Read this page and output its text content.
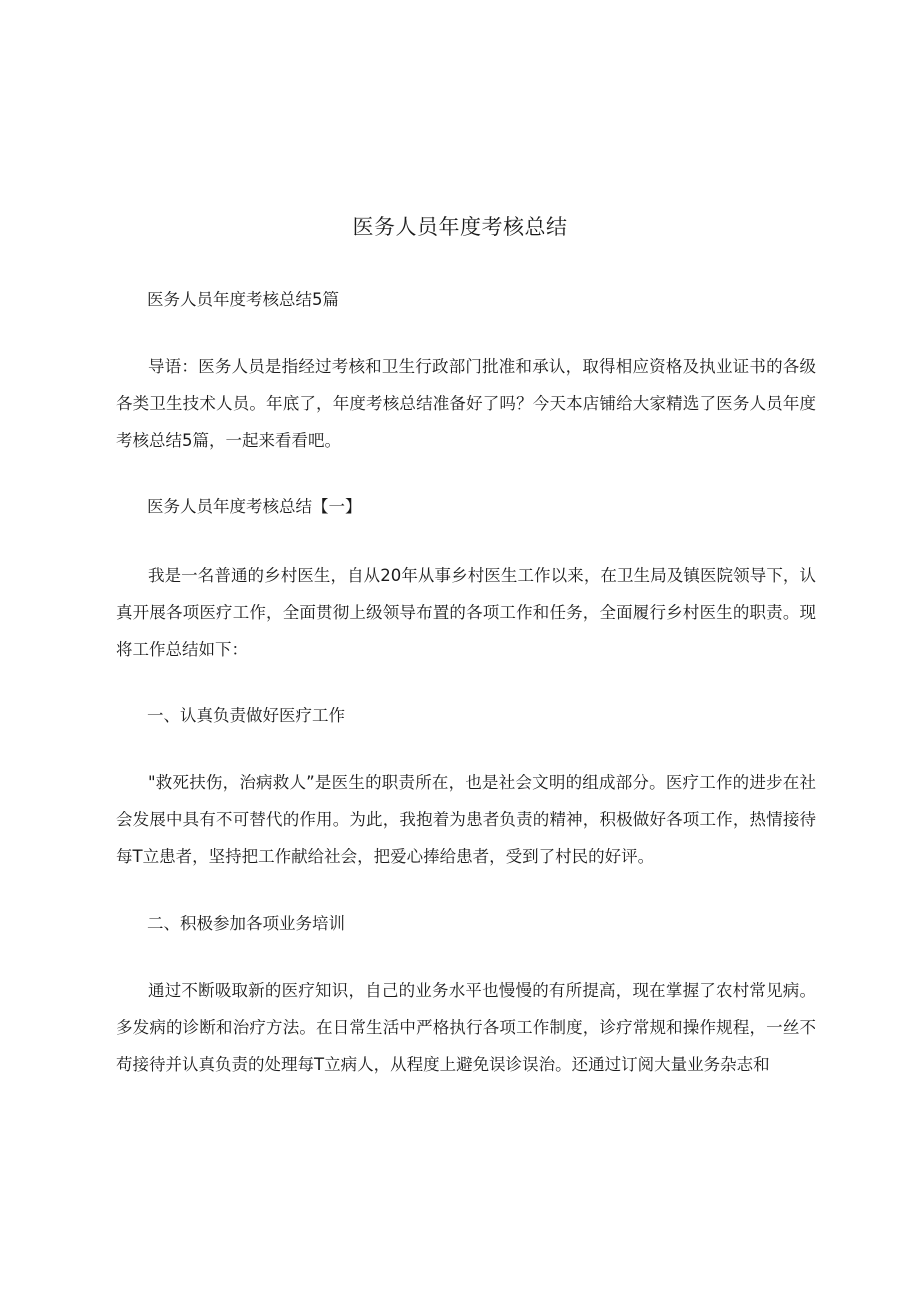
医务人员年度考核总结

医务人员年度考核总结5篇

导语：医务人员是指经过考核和卫生行政部门批准和承认，取得相应资格及执业证书的各级各类卫生技术人员。年底了，年度考核总结准备好了吗？今天本店铺给大家精选了医务人员年度考核总结5篇，一起来看看吧。

医务人员年度考核总结【一】

我是一名普通的乡村医生，自从20年从事乡村医生工作以来，在卫生局及镇医院领导下，认真开展各项医疗工作，全面贯彻上级领导布置的各项工作和任务，全面履行乡村医生的职责。现将工作总结如下：

一、认真负责做好医疗工作

"救死扶伤，治病救人”是医生的职责所在，也是社会文明的组成部分。医疗工作的进步在社会发展中具有不可替代的作用。为此，我抱着为患者负责的精神，积极做好各项工作，热情接待每T立患者，坚持把工作献给社会，把爱心捧给患者，受到了村民的好评。

二、积极参加各项业务培训

通过不断吸取新的医疗知识，自己的业务水平也慢慢的有所提高，现在掌握了农村常见病。多发病的诊断和治疗方法。在日常生活中严格执行各项工作制度，诊疗常规和操作规程，一丝不苟接待并认真负责的处理每T立病人，从程度上避免误诊误治。还通过订阅大量业务杂志和
